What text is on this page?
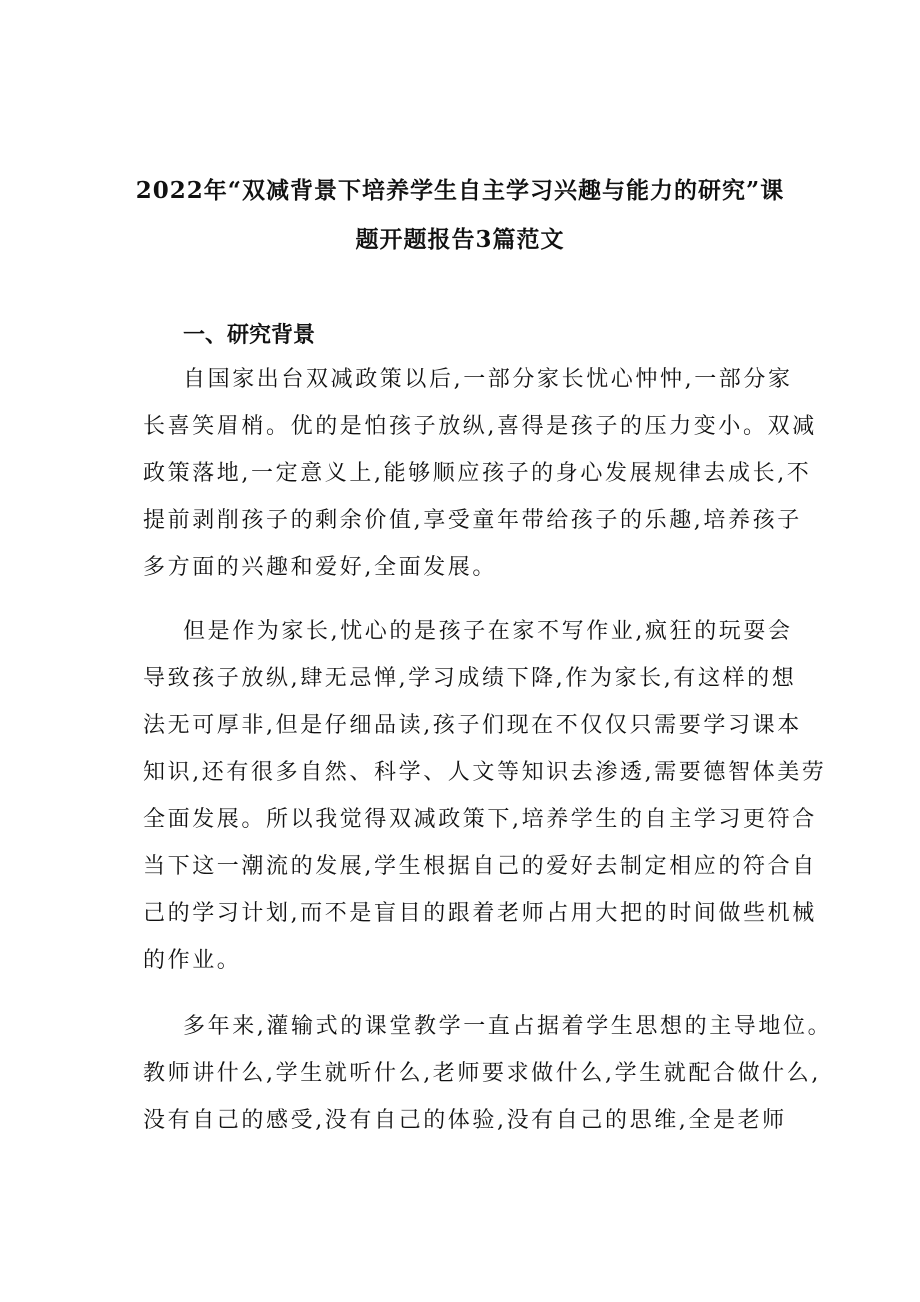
2022年“双减背景下培养学生自主学习兴趣与能力的研究”课
题开题报告3篇范文
一、研究背景
自国家出台双减政策以后,一部分家长忧心忡忡,一部分家
长喜笑眉梢。优的是怕孩子放纵,喜得是孩子的压力变小。双减
政策落地,一定意义上,能够顺应孩子的身心发展规律去成长,不
提前剥削孩子的剩余价值,享受童年带给孩子的乐趣,培养孩子
多方面的兴趣和爱好,全面发展。
但是作为家长,忧心的是孩子在家不写作业,疯狂的玩耍会
导致孩子放纵,肆无忌惮,学习成绩下降,作为家长,有这样的想
法无可厚非,但是仔细品读,孩子们现在不仅仅只需要学习课本
知识,还有很多自然、科学、人文等知识去渗透,需要德智体美劳
全面发展。所以我觉得双减政策下,培养学生的自主学习更符合
当下这一潮流的发展,学生根据自己的爱好去制定相应的符合自
己的学习计划,而不是盲目的跟着老师占用大把的时间做些机械
的作业。
多年来,灌输式的课堂教学一直占据着学生思想的主导地位。
教师讲什么,学生就听什么,老师要求做什么,学生就配合做什么,
没有自己的感受,没有自己的体验,没有自己的思维,全是老师
